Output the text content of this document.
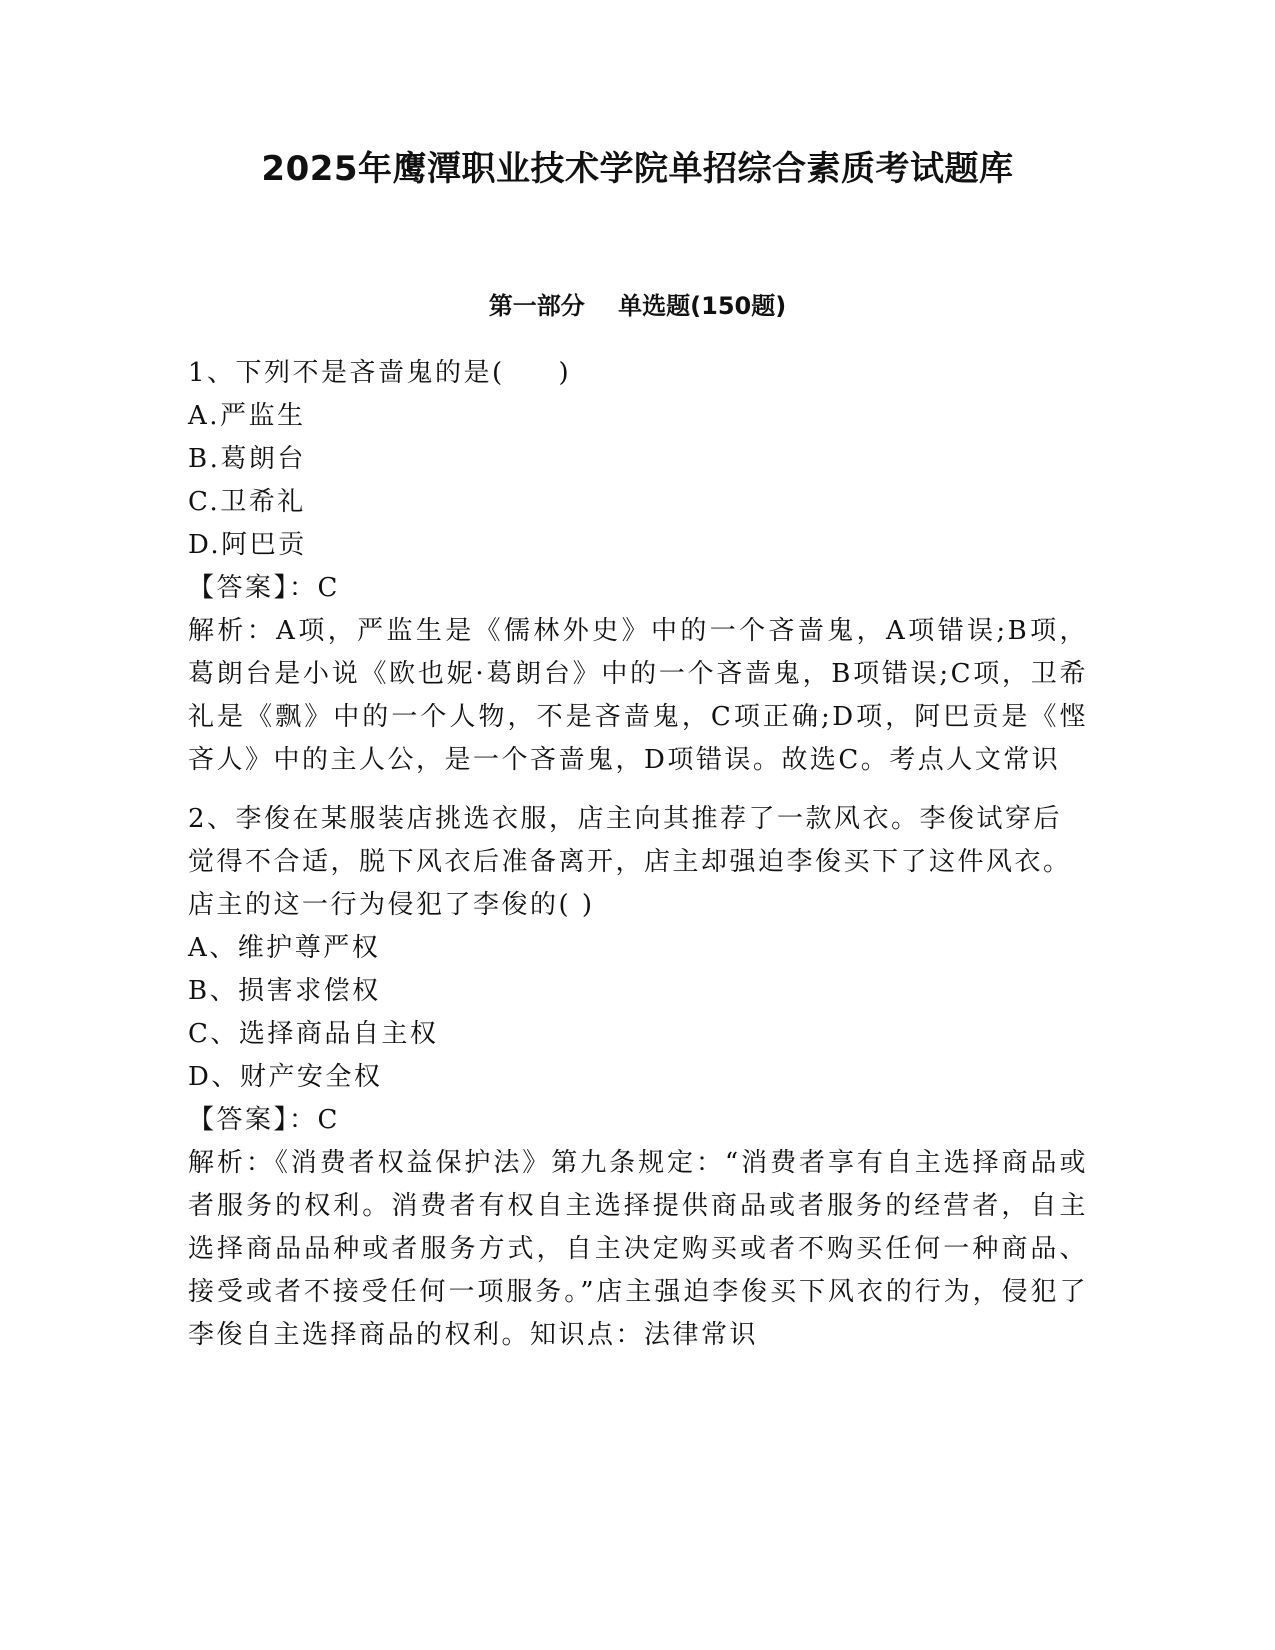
2025年鹰潭职业技术学院单招综合素质考试题库
第一部分    单选题(150题)

1、下列不是吝啬鬼的是(     )

A.严监生

B.葛朗台

C.卫希礼

D.阿巴贡

【答案】：C

解析：A项，严监生是《儒林外史》中的一个吝啬鬼，A项错误;B项，葛朗台是小说《欧也妮·葛朗台》中的一个吝啬鬼，B项错误;C项，卫希礼是《飘》中的一个人物，不是吝啬鬼，C项正确;D项，阿巴贡是《悭吝人》中的主人公，是一个吝啬鬼，D项错误。故选C。考点人文常识

2、李俊在某服装店挑选衣服，店主向其推荐了一款风衣。李俊试穿后觉得不合适，脱下风衣后准备离开，店主却强迫李俊买下了这件风衣。店主的这一行为侵犯了李俊的( )

A、维护尊严权

B、损害求偿权

C、选择商品自主权

D、财产安全权

【答案】：C

解析：《消费者权益保护法》第九条规定：“消费者享有自主选择商品或者服务的权利。消费者有权自主选择提供商品或者服务的经营者，自主选择商品品种或者服务方式，自主决定购买或者不购买任何一种商品、接受或者不接受任何一项服务。”店主强迫李俊买下风衣的行为，侵犯了李俊自主选择商品的权利。知识点：法律常识
